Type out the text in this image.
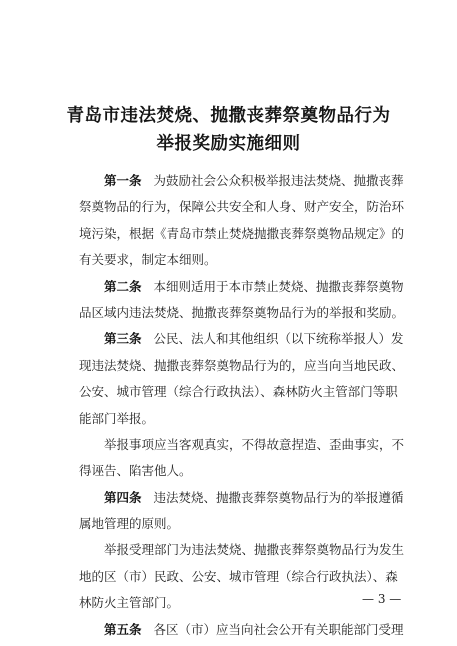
青岛市违法焚烧、抛撒丧葬祭奠物品行为
举报奖励实施细则
第一条 为鼓励社会公众积极举报违法焚烧、抛撒丧葬
祭奠物品的行为，保障公共安全和人身、财产安全，防治环
境污染，根据《青岛市禁止焚烧抛撒丧葬祭奠物品规定》的
有关要求，制定本细则。
第二条 本细则适用于本市禁止焚烧、抛撒丧葬祭奠物
品区域内违法焚烧、抛撒丧葬祭奠物品行为的举报和奖励。
第三条 公民、法人和其他组织（以下统称举报人）发
现违法焚烧、抛撒丧葬祭奠物品行为的，应当向当地民政、
公安、城市管理（综合行政执法）、森林防火主管部门等职
能部门举报。
举报事项应当客观真实，不得故意捏造、歪曲事实，不
得诬告、陷害他人。
第四条 违法焚烧、抛撒丧葬祭奠物品行为的举报遵循
属地管理的原则。
举报受理部门为违法焚烧、抛撒丧葬祭奠物品行为发生
地的区（市）民政、公安、城市管理（综合行政执法）、森
林防火主管部门。
第五条 各区（市）应当向社会公开有关职能部门受理
— 3 —
